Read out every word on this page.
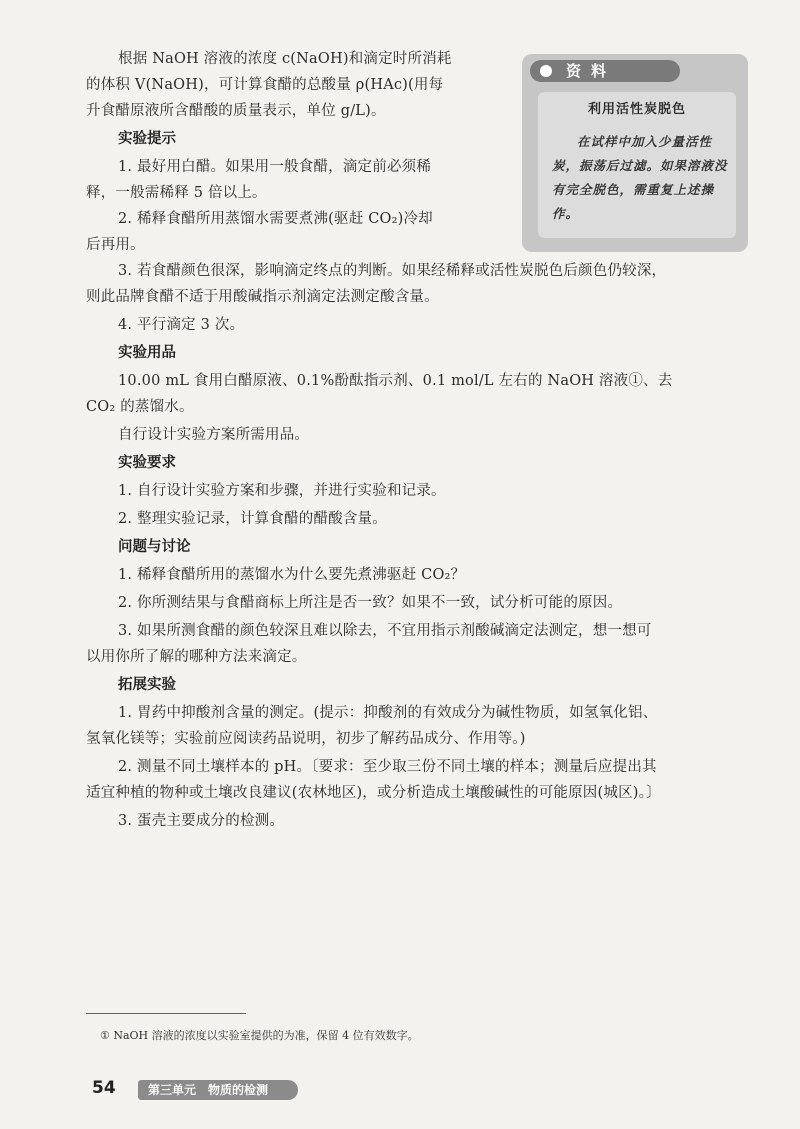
根据 NaOH 溶液的浓度 c(NaOH)和滴定时所消耗

的体积 V(NaOH)，可计算食醋的总酸量 ρ(HAc)(用每

升食醋原液所含醋酸的质量表示，单位 g/L)。

实验提示

1. 最好用白醋。如果用一般食醋，滴定前必须稀

释，一般需稀释 5 倍以上。

2. 稀释食醋所用蒸馏水需要煮沸(驱赶 CO₂)冷却

后再用。

3. 若食醋颜色很深，影响滴定终点的判断。如果经稀释或活性炭脱色后颜色仍较深，

则此品牌食醋不适于用酸碱指示剂滴定法测定酸含量。

4. 平行滴定 3 次。

实验用品

10.00 mL 食用白醋原液、0.1%酚酞指示剂、0.1 mol/L 左右的 NaOH 溶液①、去

CO₂ 的蒸馏水。

自行设计实验方案所需用品。

实验要求

1. 自行设计实验方案和步骤，并进行实验和记录。

2. 整理实验记录，计算食醋的醋酸含量。

问题与讨论

1. 稀释食醋所用的蒸馏水为什么要先煮沸驱赶 CO₂？

2. 你所测结果与食醋商标上所注是否一致？如果不一致，试分析可能的原因。

3. 如果所测食醋的颜色较深且难以除去，不宜用指示剂酸碱滴定法测定，想一想可

以用你所了解的哪种方法来滴定。

拓展实验

1. 胃药中抑酸剂含量的测定。(提示：抑酸剂的有效成分为碱性物质，如氢氧化铝、

氢氧化镁等；实验前应阅读药品说明，初步了解药品成分、作用等。)

2. 测量不同土壤样本的 pH。〔要求：至少取三份不同土壤的样本；测量后应提出其

适宜种植的物种或土壤改良建议(农林地区)，或分析造成土壤酸碱性的可能原因(城区)。〕

3. 蛋壳主要成分的检测。

资料

利用活性炭脱色

在试样中加入少量活性炭，振荡后过滤。如果溶液没有完全脱色，需重复上述操作。

① NaOH 溶液的浓度以实验室提供的为准，保留 4 位有效数字。

54	第三单元　物质的检测
